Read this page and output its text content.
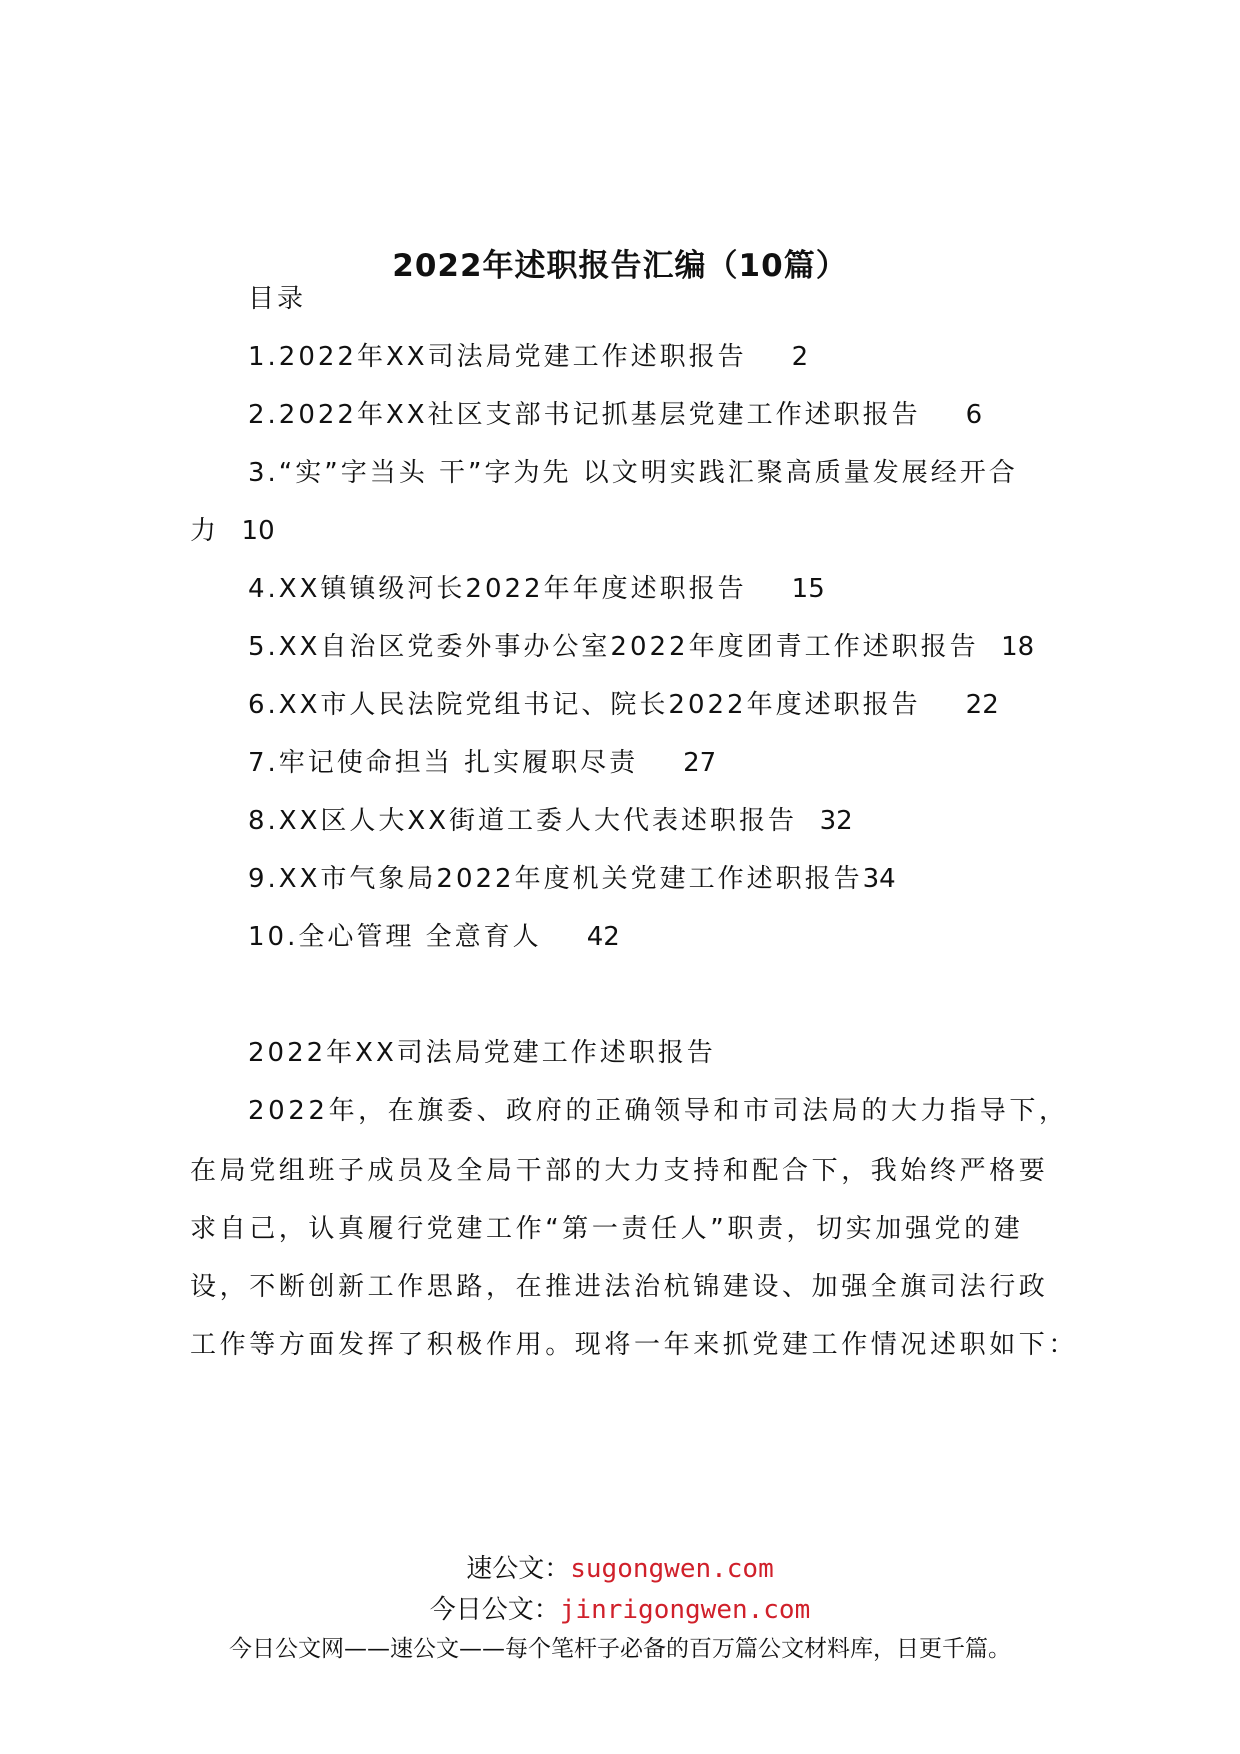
2022年述职报告汇编（10篇）
目录
1.2022年XX司法局党建工作述职报告 2
2.2022年XX社区支部书记抓基层党建工作述职报告 6
3.“实”字当头 干”字为先 以文明实践汇聚高质量发展经开合
力 10
4.XX镇镇级河长2022年年度述职报告 15
5.XX自治区党委外事办公室2022年度团青工作述职报告 18
6.XX市人民法院党组书记、院长2022年度述职报告 22
7.牢记使命担当 扎实履职尽责 27
8.XX区人大XX街道工委人大代表述职报告 32
9.XX市气象局2022年度机关党建工作述职报告34
10.全心管理 全意育人 42
2022年XX司法局党建工作述职报告
2022年，在旗委、政府的正确领导和市司法局的大力指导下，
在局党组班子成员及全局干部的大力支持和配合下，我始终严格要
求自己，认真履行党建工作“第一责任人”职责，切实加强党的建
设，不断创新工作思路，在推进法治杭锦建设、加强全旗司法行政
工作等方面发挥了积极作用。现将一年来抓党建工作情况述职如下：
速公文：sugongwen.com
今日公文：jinrigongwen.com
今日公文网——速公文——每个笔杆子必备的百万篇公文材料库，日更千篇。
